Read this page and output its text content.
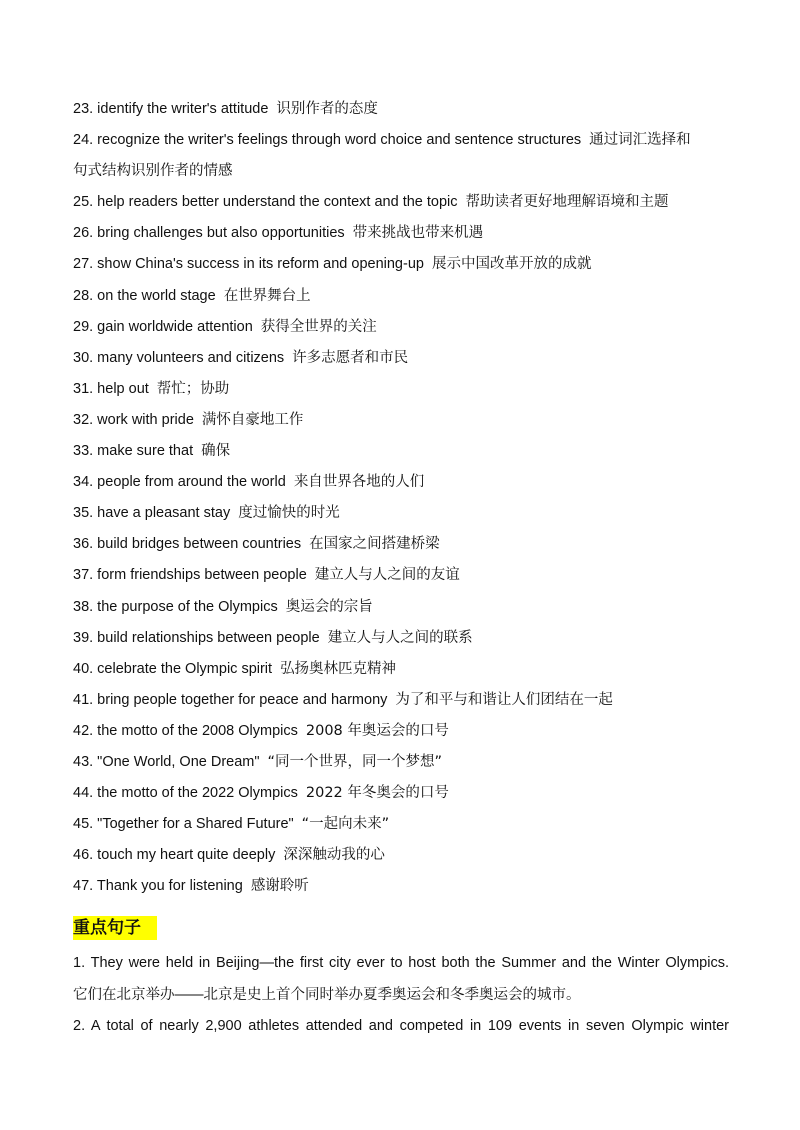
23. identify the writer's attitude 识别作者的态度
24. recognize the writer's feelings through word choice and sentence structures 通过词汇选择和
句式结构识别作者的情感
25. help readers better understand the context and the topic 帮助读者更好地理解语境和主题
26. bring challenges but also opportunities 带来挑战也带来机遇
27. show China's success in its reform and opening-up 展示中国改革开放的成就
28. on the world stage 在世界舞台上
29. gain worldwide attention 获得全世界的关注
30. many volunteers and citizens 许多志愿者和市民
31. help out 帮忙；协助
32. work with pride 满怀自豪地工作
33. make sure that 确保
34. people from around the world 来自世界各地的人们
35. have a pleasant stay 度过愉快的时光
36. build bridges between countries 在国家之间搭建桥梁
37. form friendships between people 建立人与人之间的友谊
38. the purpose of the Olympics 奥运会的宗旨
39. build relationships between people 建立人与人之间的联系
40. celebrate the Olympic spirit 弘扬奥林匹克精神
41. bring people together for peace and harmony 为了和平与和谐让人们团结在一起
42. the motto of the 2008 Olympics 2008 年奥运会的口号
43. "One World, One Dream" “同一个世界，同一个梦想”
44. the motto of the 2022 Olympics 2022 年冬奥会的口号
45. "Together for a Shared Future" “一起向未来”
46. touch my heart quite deeply 深深触动我的心
47. Thank you for listening 感谢聆听
重点句子
1. They were held in Beijing—the first city ever to host both the Summer and the Winter Olympics.
它们在北京举办——北京是史上首个同时举办夏季奥运会和冬季奥运会的城市。
2. A total of nearly 2,900 athletes attended and competed in 109 events in seven Olympic winter
